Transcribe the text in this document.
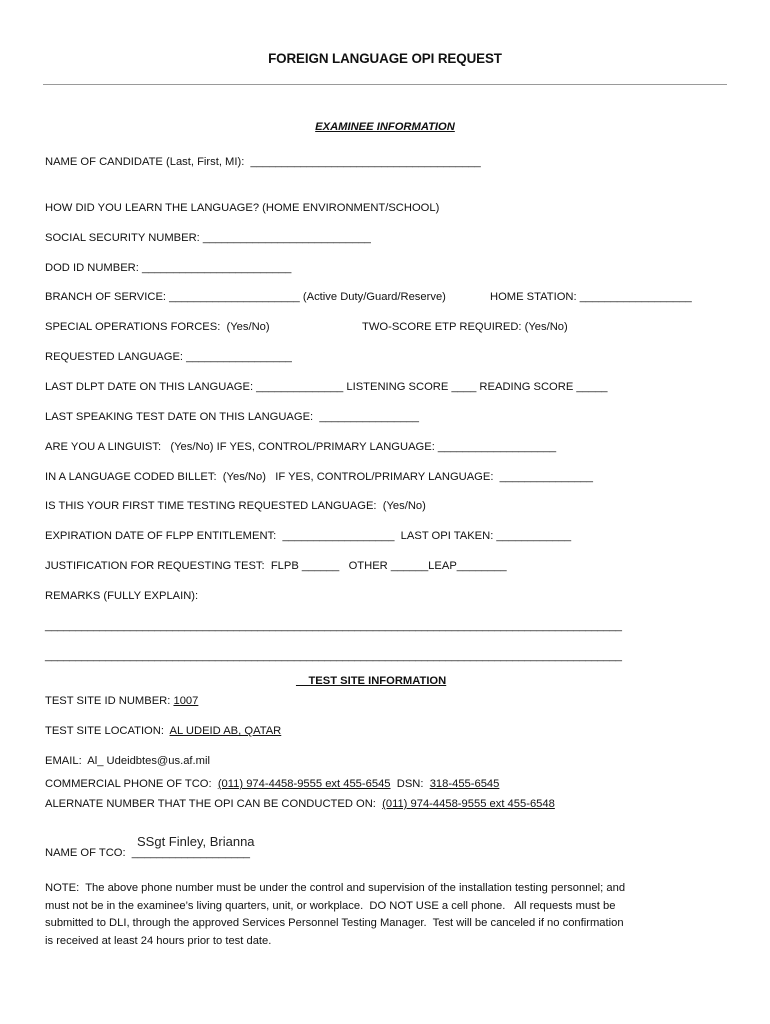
FOREIGN LANGUAGE OPI REQUEST
EXAMINEE INFORMATION
NAME OF CANDIDATE (Last, First, MI):  _____________________________________
HOW DID YOU LEARN THE LANGUAGE? (HOME ENVIRONMENT/SCHOOL)
SOCIAL SECURITY NUMBER: ___________________________
DOD ID NUMBER: ________________________
BRANCH OF SERVICE: _____________________ (Active Duty/Guard/Reserve)	HOME STATION: __________________
SPECIAL OPERATIONS FORCES:  (Yes/No)	TWO-SCORE ETP REQUIRED: (Yes/No)
REQUESTED LANGUAGE: _________________
LAST DLPT DATE ON THIS LANGUAGE: ______________ LISTENING SCORE ____ READING SCORE _____
LAST SPEAKING TEST DATE ON THIS LANGUAGE:  ________________
ARE YOU A LINGUIST:   (Yes/No) IF YES, CONTROL/PRIMARY LANGUAGE: ___________________
IN A LANGUAGE CODED BILLET:  (Yes/No)   IF YES, CONTROL/PRIMARY LANGUAGE:  _______________
IS THIS YOUR FIRST TIME TESTING REQUESTED LANGUAGE:  (Yes/No)
EXPIRATION DATE OF FLPP ENTITLEMENT:  __________________  LAST OPI TAKEN: ____________
JUSTIFICATION FOR REQUESTING TEST:  FLPB ______   OTHER ______LEAP________
REMARKS (FULLY EXPLAIN):
_______________________________________________________________________________________________
_______________________________________________________________________________________________
__TEST SITE INFORMATION
TEST SITE ID NUMBER: 1007
TEST SITE LOCATION:  AL UDEID AB, QATAR
EMAIL:  Al_ Udeidbtes@us.af.mil
COMMERCIAL PHONE OF TCO:  (011) 974-4458-9555 ext 455-6545  DSN:  318-455-6545
ALERNATE NUMBER THAT THE OPI CAN BE CONDUCTED ON:  (011) 974-4458-9555 ext 455-6548
SSgt Finley, Brianna
NAME OF TCO:  ___________________
NOTE:  The above phone number must be under the control and supervision of the installation testing personnel; and
must not be in the examinee’s living quarters, unit, or workplace.  DO NOT USE a cell phone.   All requests must be
submitted to DLI, through the approved Services Personnel Testing Manager.  Test will be canceled if no confirmation
is received at least 24 hours prior to test date.
